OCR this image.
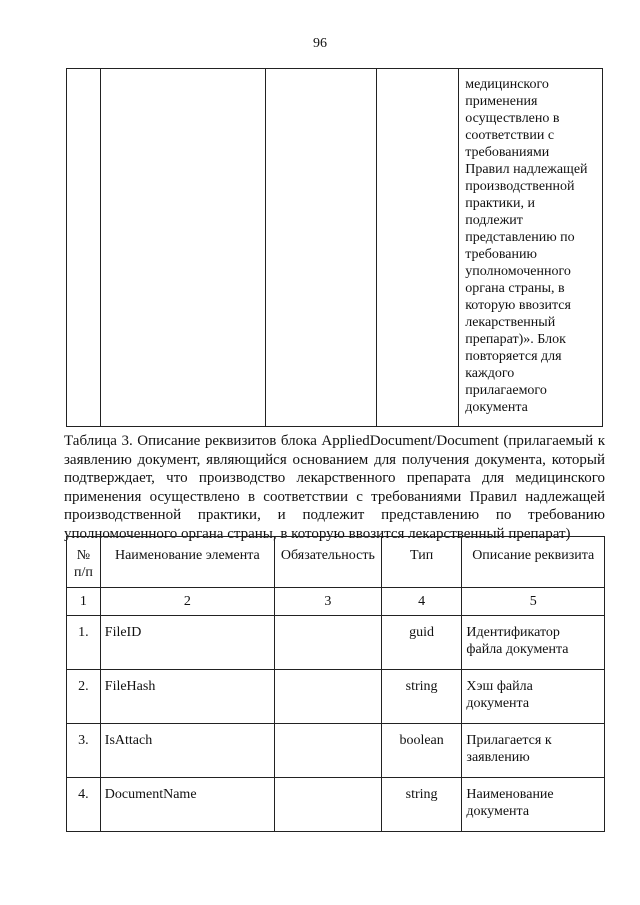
96

медицинского
применения
осуществлено в
соответствии с
требованиями
Правил надлежащей
производственной
практики, и
подлежит
представлению по
требованию
уполномоченного
органа страны, в
которую ввозится
лекарственный
препарат)». Блок
повторяется для
каждого
прилагаемого
документа
Таблица 3. Описание реквизитов блока AppliedDocument/Document (прилагаемый к
заявлению документ, являющийся основанием для получения документа, который
подтверждает, что производство лекарственного препарата для медицинского
применения осуществлено в соответствии с требованиями Правил надлежащей
производственной практики, и подлежит представлению по требованию
уполномоченного органа страны, в которую ввозится лекарственный препарат)
№
п/п	Наименование элемента	Обязательность	Тип	Описание реквизита
1	2	3	4	5
1.	FileID		guid	Идентификатор
файла документа

2.	FileHash		string	Хэш файла
документа

3.	IsAttach		boolean	Прилагается к
заявлению

4.	DocumentName		string	Наименование
документа
